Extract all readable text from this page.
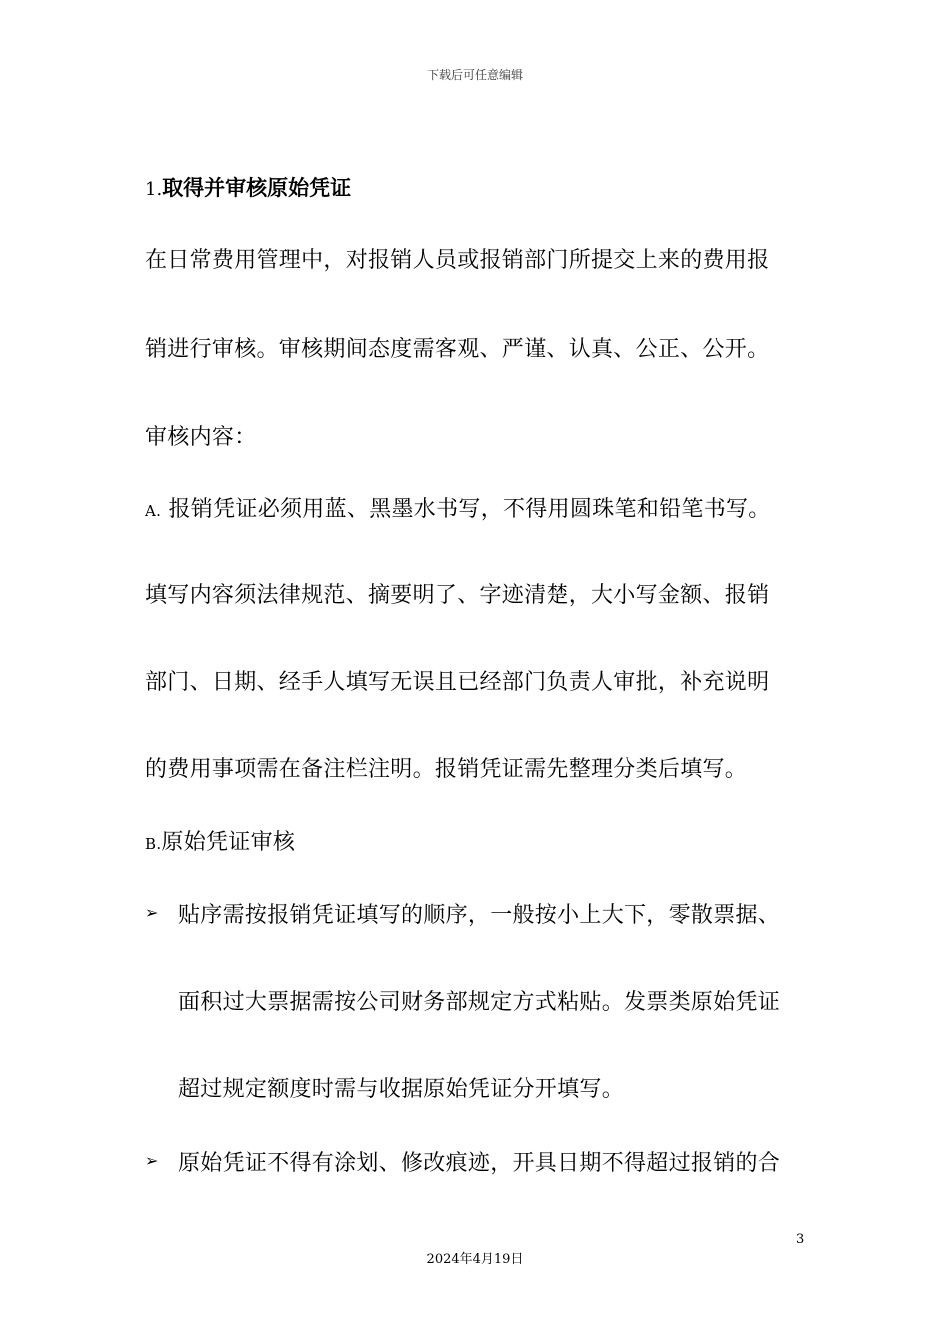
下载后可任意编辑
1.取得并审核原始凭证
在日常费用管理中，对报销人员或报销部门所提交上来的费用报
销进行审核。审核期间态度需客观、严谨、认真、公正、公开。
审核内容：
A. 报销凭证必须用蓝、黑墨水书写，不得用圆珠笔和铅笔书写。
填写内容须法律规范、摘要明了、字迹清楚，大小写金额、报销
部门、日期、经手人填写无误且已经部门负责人审批，补充说明
的费用事项需在备注栏注明。报销凭证需先整理分类后填写。
B.原始凭证审核
➢ 贴序需按报销凭证填写的顺序，一般按小上大下，零散票据、
面积过大票据需按公司财务部规定方式粘贴。发票类原始凭证
超过规定额度时需与收据原始凭证分开填写。
➢ 原始凭证不得有涂划、修改痕迹，开具日期不得超过报销的合
3
2024年4月19日
